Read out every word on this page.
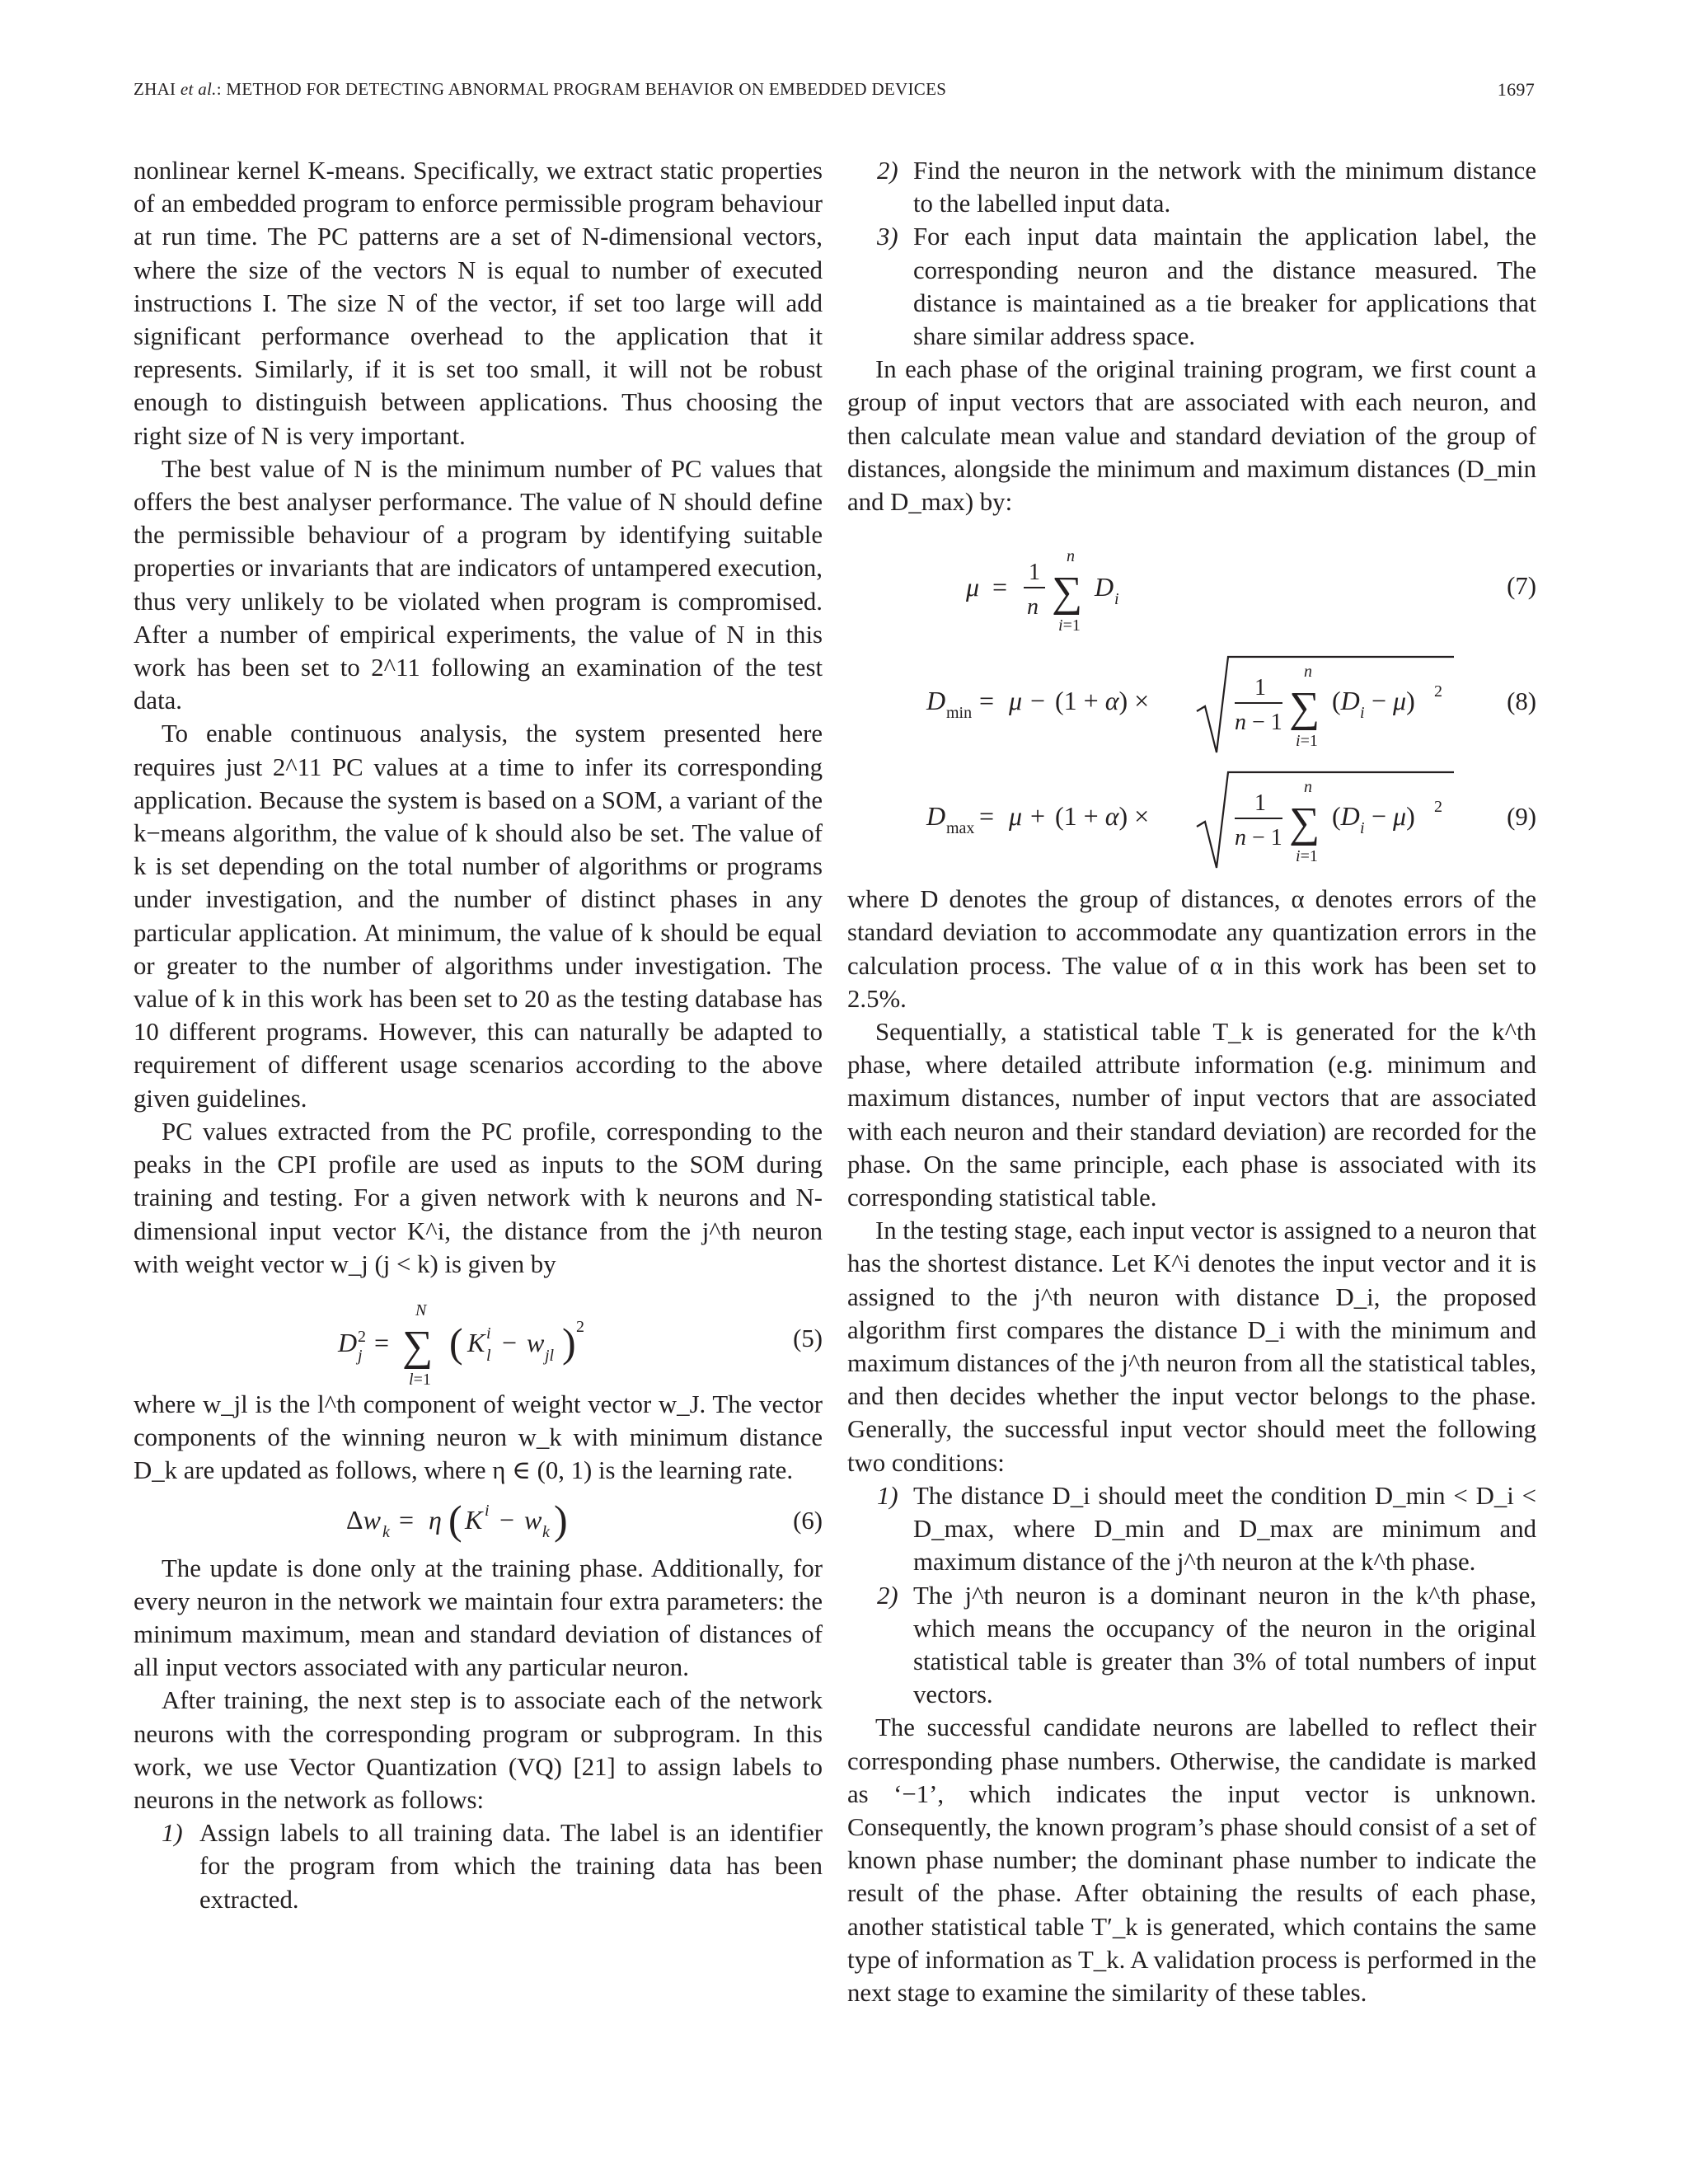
ZHAI et al.: METHOD FOR DETECTING ABNORMAL PROGRAM BEHAVIOR ON EMBEDDED DEVICES	1697

nonlinear kernel K-means. Specifically, we extract static properties of an embedded program to enforce permissible program behaviour at run time. The PC patterns are a set of N-dimensional vectors, where the size of the vectors N is equal to number of executed instructions I. The size N of the vector, if set too large will add significant performance overhead to the application that it represents. Similarly, if it is set too small, it will not be robust enough to distinguish between applications. Thus choosing the right size of N is very important.

The best value of N is the minimum number of PC values that offers the best analyser performance. The value of N should define the permissible behaviour of a program by identifying suitable properties or invariants that are indicators of untampered execution, thus very unlikely to be violated when program is compromised. After a number of empirical experiments, the value of N in this work has been set to 2^11 following an examination of the test data.

To enable continuous analysis, the system presented here requires just 2^11 PC values at a time to infer its corresponding application. Because the system is based on a SOM, a variant of the k−means algorithm, the value of k should also be set. The value of k is set depending on the total number of algorithms or programs under investigation, and the number of distinct phases in any particular application. At minimum, the value of k should be equal or greater to the number of algorithms under investigation. The value of k in this work has been set to 20 as the testing database has 10 different programs. However, this can naturally be adapted to requirement of different usage scenarios according to the above given guidelines.

PC values extracted from the PC profile, corresponding to the peaks in the CPI profile are used as inputs to the SOM during training and testing. For a given network with k neurons and N-dimensional input vector K^i, the distance from the j^th neuron with weight vector w_j (j < k) is given by

D 2
j = ∑
N
l=1
( K i
l − w jl ) 2	(5)

where w_jl is the l^th component of weight vector w_J. The vector components of the winning neuron w_k with minimum distance D_k are updated as follows, where η ∈ (0, 1) is the learning rate.

Δw k = η ( K i − w k )	(6)

The update is done only at the training phase. Additionally, for every neuron in the network we maintain four extra parameters: the minimum maximum, mean and standard deviation of distances of all input vectors associated with any particular neuron.

After training, the next step is to associate each of the network neurons with the corresponding program or subprogram. In this work, we use Vector Quantization (VQ) [21] to assign labels to neurons in the network as follows:

1) Assign labels to all training data. The label is an identifier for the program from which the training data has been extracted.
2) Find the neuron in the network with the minimum distance to the labelled input data.
3) For each input data maintain the application label, the corresponding neuron and the distance measured. The distance is maintained as a tie breaker for applications that share similar address space.

In each phase of the original training program, we first count a group of input vectors that are associated with each neuron, and then calculate mean value and standard deviation of the group of distances, alongside the minimum and maximum distances (D_min and D_max) by:

μ = 1
n ∑
n
i=1
D i	(7)
D min = μ − (1 + α) ×	1
n − 1 ∑
n
i=1
(D i − μ) 2	(8)
D max = μ + (1 + α) ×	1
n − 1 ∑
n
i=1
(D i − μ) 2	(9)

where D denotes the group of distances, α denotes errors of the standard deviation to accommodate any quantization errors in the calculation process. The value of α in this work has been set to 2.5%.

Sequentially, a statistical table T_k is generated for the k^th phase, where detailed attribute information (e.g. minimum and maximum distances, number of input vectors that are associated with each neuron and their standard deviation) are recorded for the phase. On the same principle, each phase is associated with its corresponding statistical table.

In the testing stage, each input vector is assigned to a neuron that has the shortest distance. Let K^i denotes the input vector and it is assigned to the j^th neuron with distance D_i, the proposed algorithm first compares the distance D_i with the minimum and maximum distances of the j^th neuron from all the statistical tables, and then decides whether the input vector belongs to the phase. Generally, the successful input vector should meet the following two conditions:

1) The distance D_i should meet the condition D_min < D_i < D_max, where D_min and D_max are minimum and maximum distance of the j^th neuron at the k^th phase.
2) The j^th neuron is a dominant neuron in the k^th phase, which means the occupancy of the neuron in the original statistical table is greater than 3% of total numbers of input vectors.

The successful candidate neurons are labelled to reflect their corresponding phase numbers. Otherwise, the candidate is marked as ‘−1’, which indicates the input vector is unknown. Consequently, the known program’s phase should consist of a set of known phase number; the dominant phase number to indicate the result of the phase. After obtaining the results of each phase, another statistical table T′_k is generated, which contains the same type of information as T_k. A validation process is performed in the next stage to examine the similarity of these tables.
